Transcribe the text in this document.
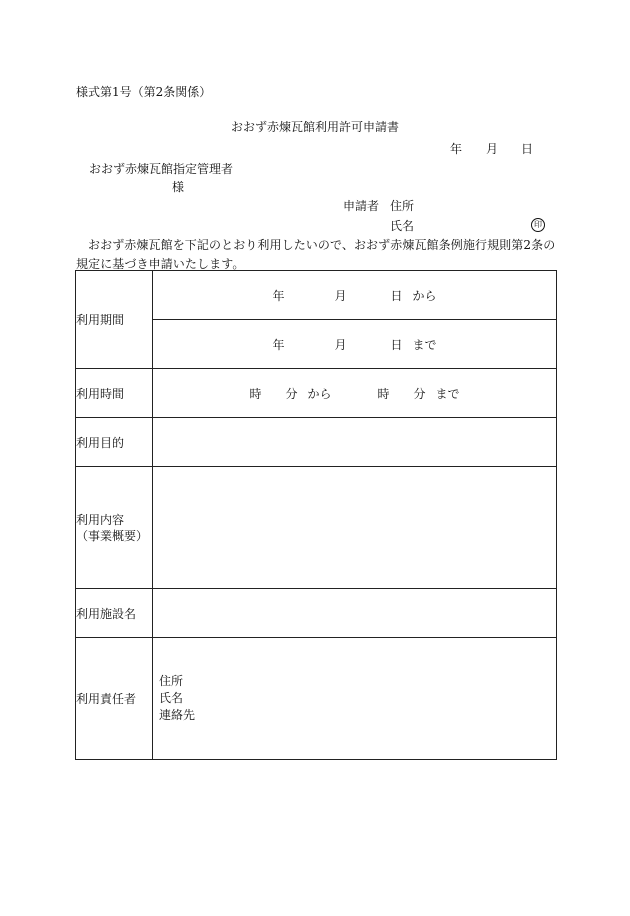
様式第1号（第2条関係）
おおず赤煉瓦館利用許可申請書
年 月 日
おおず赤煉瓦館指定管理者
様
申請者 住所
氏名	印
おおず赤煉瓦館を下記のとおり利用したいので、おおず赤煉瓦館条例施行規則第2条の規定に基づき申請いたします。
利用期間	年 月 日 から
	年 月 日 まで
利用時間	時 分 から 時 分 まで
利用目的	

利用内容
（事業概要）	

利用施設名	
利用責任者	住所
氏名
連絡先
